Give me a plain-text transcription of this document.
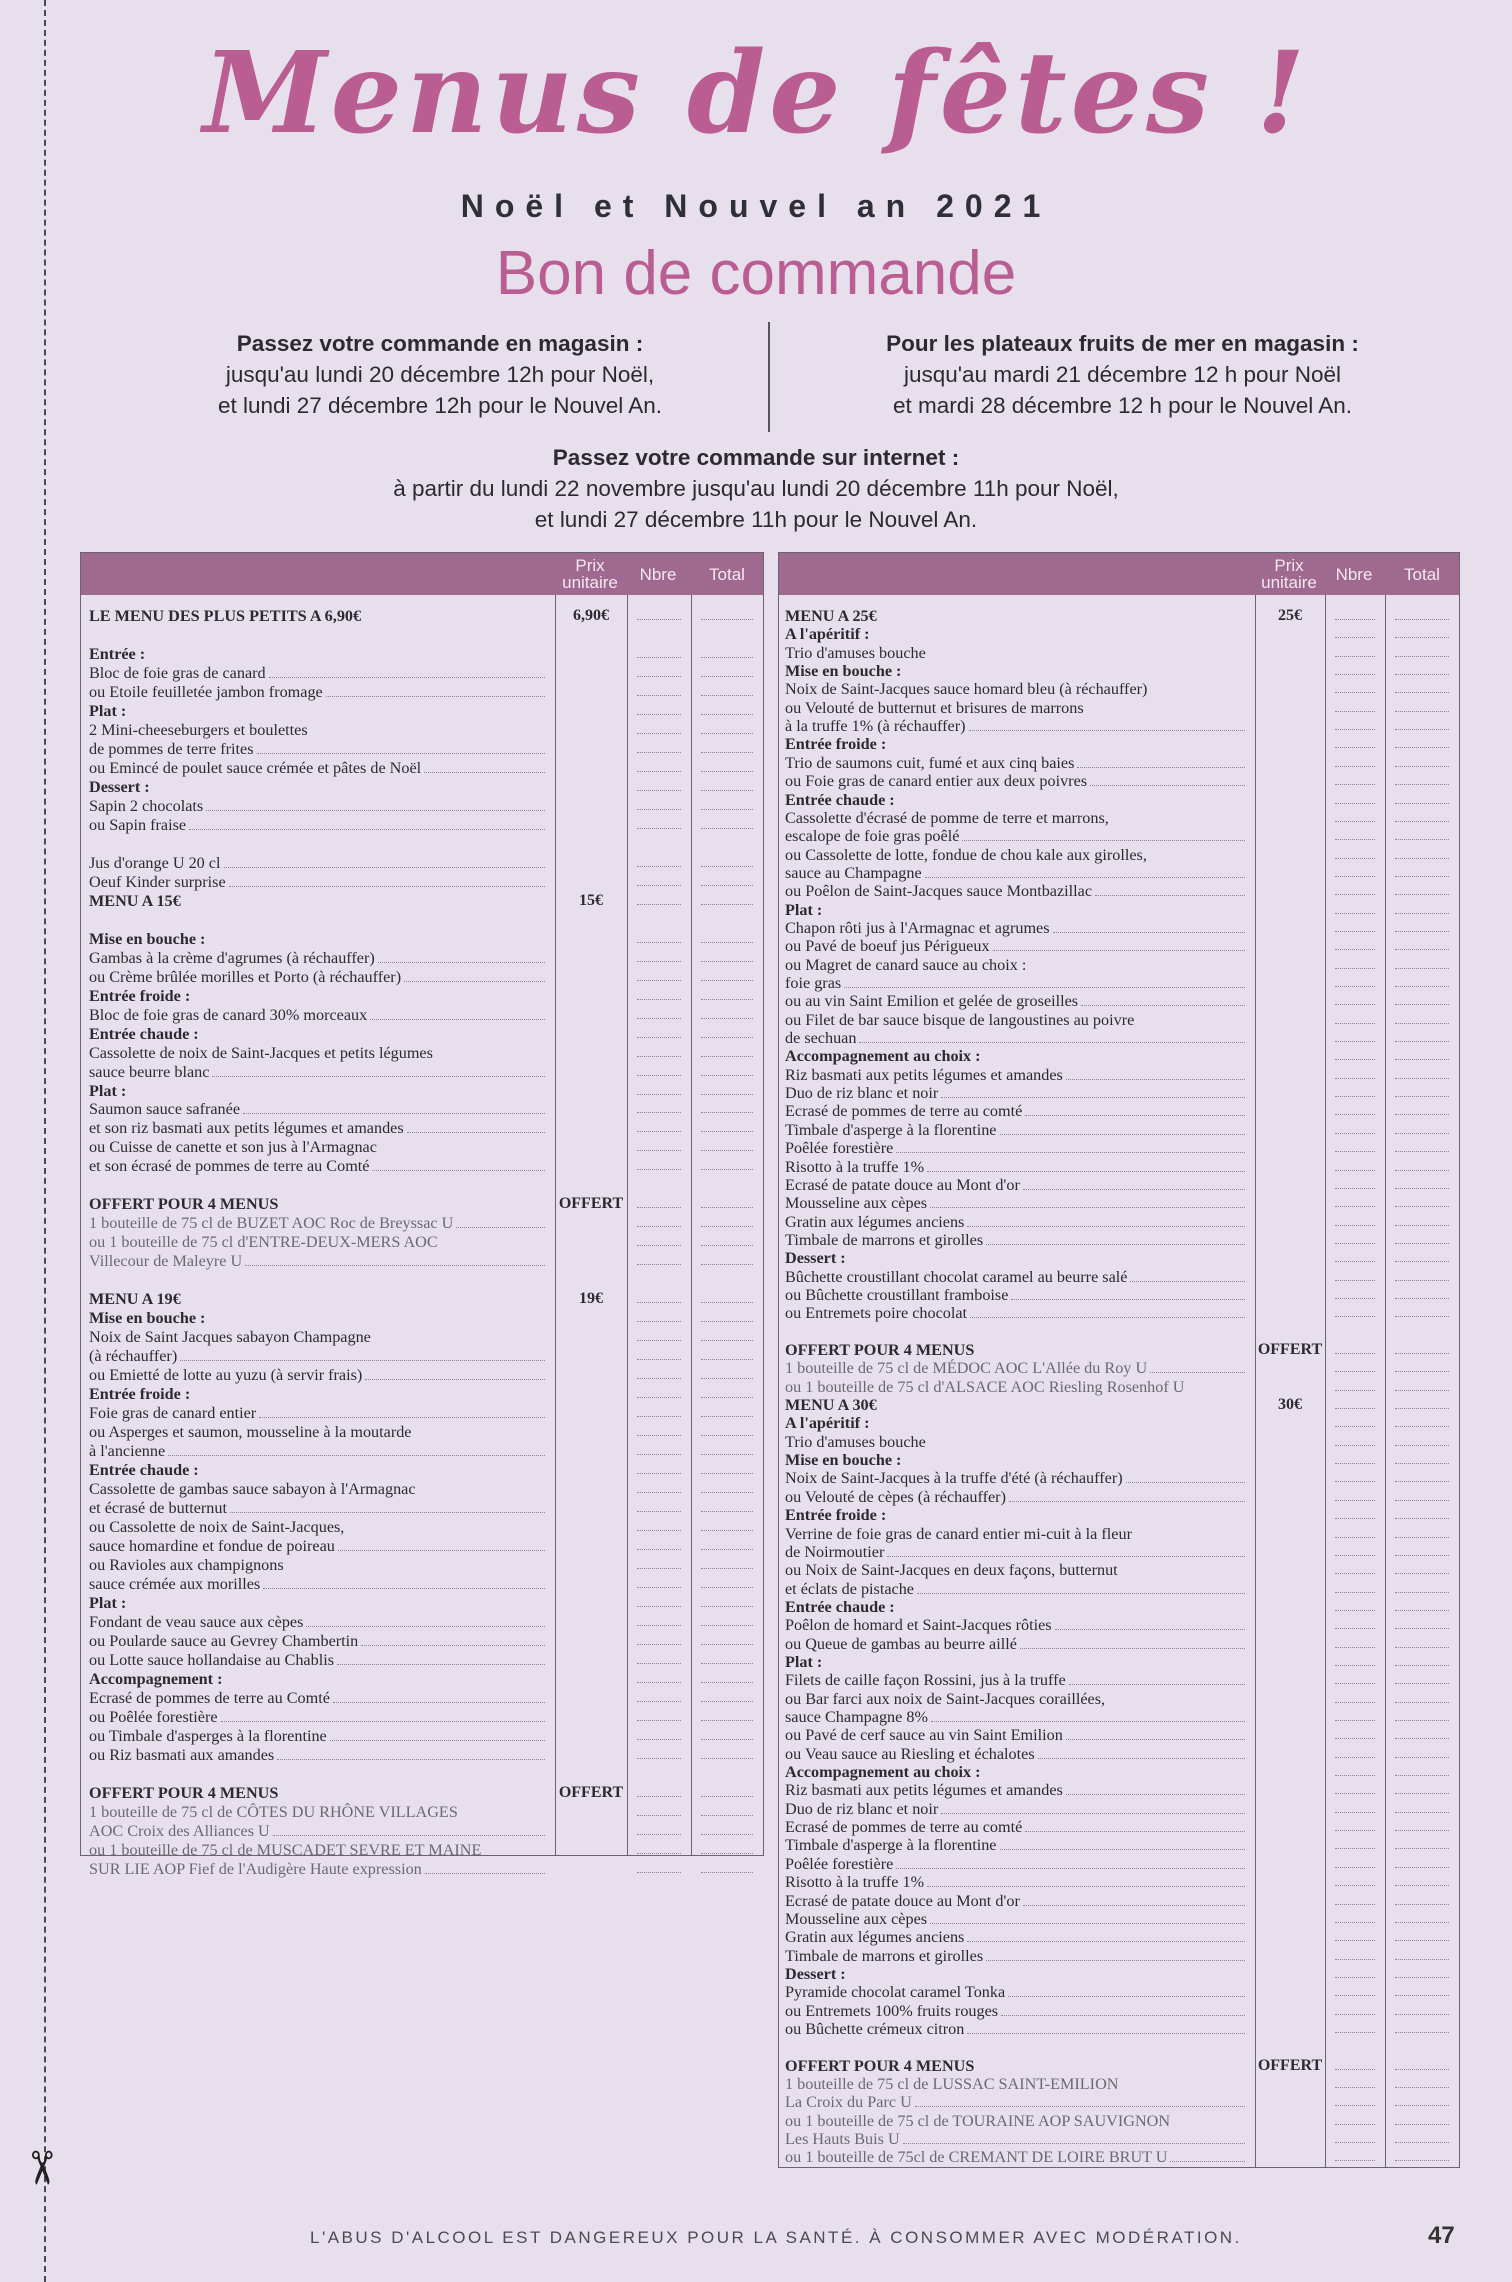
✂
Menus de fêtes !
Noël et Nouvel an 2021
Bon de commande
Passez votre commande en magasin :
jusqu'au lundi 20 décembre 12h pour Noël,
et lundi 27 décembre 12h pour le Nouvel An.
Pour les plateaux fruits de mer en magasin :
jusqu'au mardi 21 décembre 12 h pour Noël
et mardi 28 décembre 12 h pour le Nouvel An.
Passez votre commande sur internet :
à partir du lundi 22 novembre jusqu'au lundi 20 décembre 11h pour Noël,
et lundi 27 décembre 11h pour le Nouvel An.
Prix unitaire	Nbre	Total
LE MENU DES PLUS PETITS A 6,90€	6,90€
Entrée :
Bloc de foie gras de canard
ou Etoile feuilletée jambon fromage
Plat :
2 Mini-cheeseburgers et boulettes
de pommes de terre frites
ou Emincé de poulet sauce crémée et pâtes de Noël
Dessert :
Sapin 2 chocolats
ou Sapin fraise
Jus d'orange U 20 cl
Oeuf Kinder surprise
MENU A 15€	15€
Mise en bouche :
Gambas à la crème d'agrumes (à réchauffer)
ou Crème brûlée morilles et Porto (à réchauffer)
Entrée froide :
Bloc de foie gras de canard 30% morceaux
Entrée chaude :
Cassolette de noix de Saint-Jacques et petits légumes
sauce beurre blanc
Plat :
Saumon sauce safranée
et son riz basmati aux petits légumes et amandes
ou Cuisse de canette et son jus à l'Armagnac
et son écrasé de pommes de terre au Comté
OFFERT POUR 4 MENUS	OFFERT
1 bouteille de 75 cl de BUZET AOC Roc de Breyssac U
ou 1 bouteille de 75 cl d'ENTRE-DEUX-MERS AOC
Villecour de Maleyre U
MENU A 19€	19€
Mise en bouche :
Noix de Saint Jacques sabayon Champagne
(à réchauffer)
ou Emietté de lotte au yuzu (à servir frais)
Entrée froide :
Foie gras de canard entier
ou Asperges et saumon, mousseline à la moutarde
à l'ancienne
Entrée chaude :
Cassolette de gambas sauce sabayon à l'Armagnac
et écrasé de butternut
ou Cassolette de noix de Saint-Jacques,
sauce homardine et fondue de poireau
ou Ravioles aux champignons
sauce crémée aux morilles
Plat :
Fondant de veau sauce aux cèpes
ou Poularde sauce au Gevrey Chambertin
ou Lotte sauce hollandaise au Chablis
Accompagnement :
Ecrasé de pommes de terre au Comté
ou Poêlée forestière
ou Timbale d'asperges à la florentine
ou Riz basmati aux amandes
OFFERT POUR 4 MENUS	OFFERT
1 bouteille de 75 cl de CÔTES DU RHÔNE VILLAGES
AOC Croix des Alliances U
ou 1 bouteille de 75 cl de MUSCADET SEVRE ET MAINE
SUR LIE AOP Fief de l'Audigère Haute expression
Prix unitaire	Nbre	Total
MENU A 25€	25€
A l'apéritif :
Trio d'amuses bouche
Mise en bouche :
Noix de Saint-Jacques sauce homard bleu (à réchauffer)
ou Velouté de butternut et brisures de marrons
à la truffe 1% (à réchauffer)
Entrée froide :
Trio de saumons cuit, fumé et aux cinq baies
ou Foie gras de canard entier aux deux poivres
Entrée chaude :
Cassolette d'écrasé de pomme de terre et marrons,
escalope de foie gras poêlé
ou Cassolette de lotte, fondue de chou kale aux girolles,
sauce au Champagne
ou Poêlon de Saint-Jacques sauce Montbazillac
Plat :
Chapon rôti jus à l'Armagnac et agrumes
ou Pavé de boeuf jus Périgueux
ou Magret de canard sauce au choix :
foie gras
ou au vin Saint Emilion et gelée de groseilles
ou Filet de bar sauce bisque de langoustines au poivre
de sechuan
Accompagnement au choix :
Riz basmati aux petits légumes et amandes
Duo de riz blanc et noir
Ecrasé de pommes de terre au comté
Timbale d'asperge à la florentine
Poêlée forestière
Risotto à la truffe 1%
Ecrasé de patate douce au Mont d'or
Mousseline aux cèpes
Gratin aux légumes anciens
Timbale de marrons et girolles
Dessert :
Bûchette croustillant chocolat caramel au beurre salé
ou Bûchette croustillant framboise
ou Entremets poire chocolat
OFFERT POUR 4 MENUS	OFFERT
1 bouteille de 75 cl de MÉDOC AOC L'Allée du Roy U
ou 1 bouteille de 75 cl d'ALSACE AOC Riesling Rosenhof U
MENU A 30€	30€
A l'apéritif :
Trio d'amuses bouche
Mise en bouche :
Noix de Saint-Jacques à la truffe d'été (à réchauffer)
ou Velouté de cèpes (à réchauffer)
Entrée froide :
Verrine de foie gras de canard entier mi-cuit à la fleur
de Noirmoutier
ou Noix de Saint-Jacques en deux façons, butternut
et éclats de pistache
Entrée chaude :
Poêlon de homard et Saint-Jacques rôties
ou Queue de gambas au beurre aillé
Plat :
Filets de caille façon Rossini, jus à la truffe
ou Bar farci aux noix de Saint-Jacques coraillées,
sauce Champagne 8%
ou Pavé de cerf sauce au vin Saint Emilion
ou Veau sauce au Riesling et échalotes
Accompagnement au choix :
Riz basmati aux petits légumes et amandes
Duo de riz blanc et noir
Ecrasé de pommes de terre au comté
Timbale d'asperge à la florentine
Poêlée forestière
Risotto à la truffe 1%
Ecrasé de patate douce au Mont d'or
Mousseline aux cèpes
Gratin aux légumes anciens
Timbale de marrons et girolles
Dessert :
Pyramide chocolat caramel Tonka
ou Entremets 100% fruits rouges
ou Bûchette crémeux citron
OFFERT POUR 4 MENUS	OFFERT
1 bouteille de 75 cl de LUSSAC SAINT-EMILION
La Croix du Parc U
ou 1 bouteille de 75 cl de TOURAINE AOP SAUVIGNON
Les Hauts Buis U
ou 1 bouteille de 75cl de CREMANT DE LOIRE BRUT U
L'ABUS D'ALCOOL EST DANGEREUX POUR LA SANTÉ. À CONSOMMER AVEC MODÉRATION.	47
